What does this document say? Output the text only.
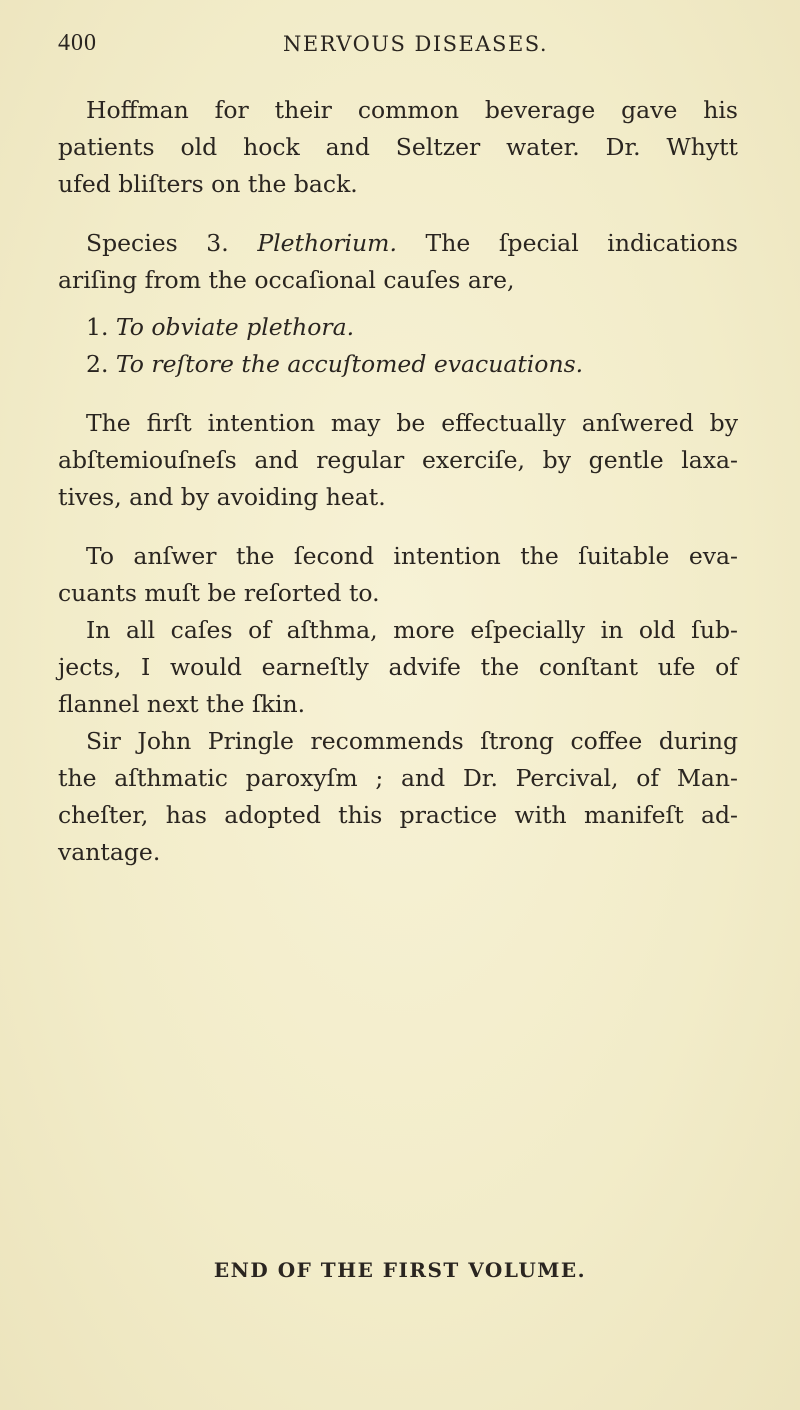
400	NERVOUS DISEASES.
Hoffman for their common beverage gave his
patients old hock and Seltzer water. Dr. Whytt
ufed bliſters on the back.
Species 3. Plethorium. The ſpecial indications
ariſing from the occaſional cauſes are,
1. To obviate plethora.
2. To reſtore the accuſtomed evacuations.
The firſt intention may be effectually anſwered by
abſtemiouſneſs and regular exerciſe, by gentle laxa-
tives, and by avoiding heat.
To anſwer the ſecond intention the ſuitable eva-
cuants muſt be reſorted to.
In all caſes of aſthma, more eſpecially in old ſub-
jects, I would earneſtly advife the conſtant ufe of
flannel next the ſkin.
Sir John Pringle recommends ſtrong coffee during
the aſthmatic paroxyſm ; and Dr. Percival, of Man-
cheſter, has adopted this practice with manifeſt ad-
vantage.
END OF THE FIRST VOLUME.
